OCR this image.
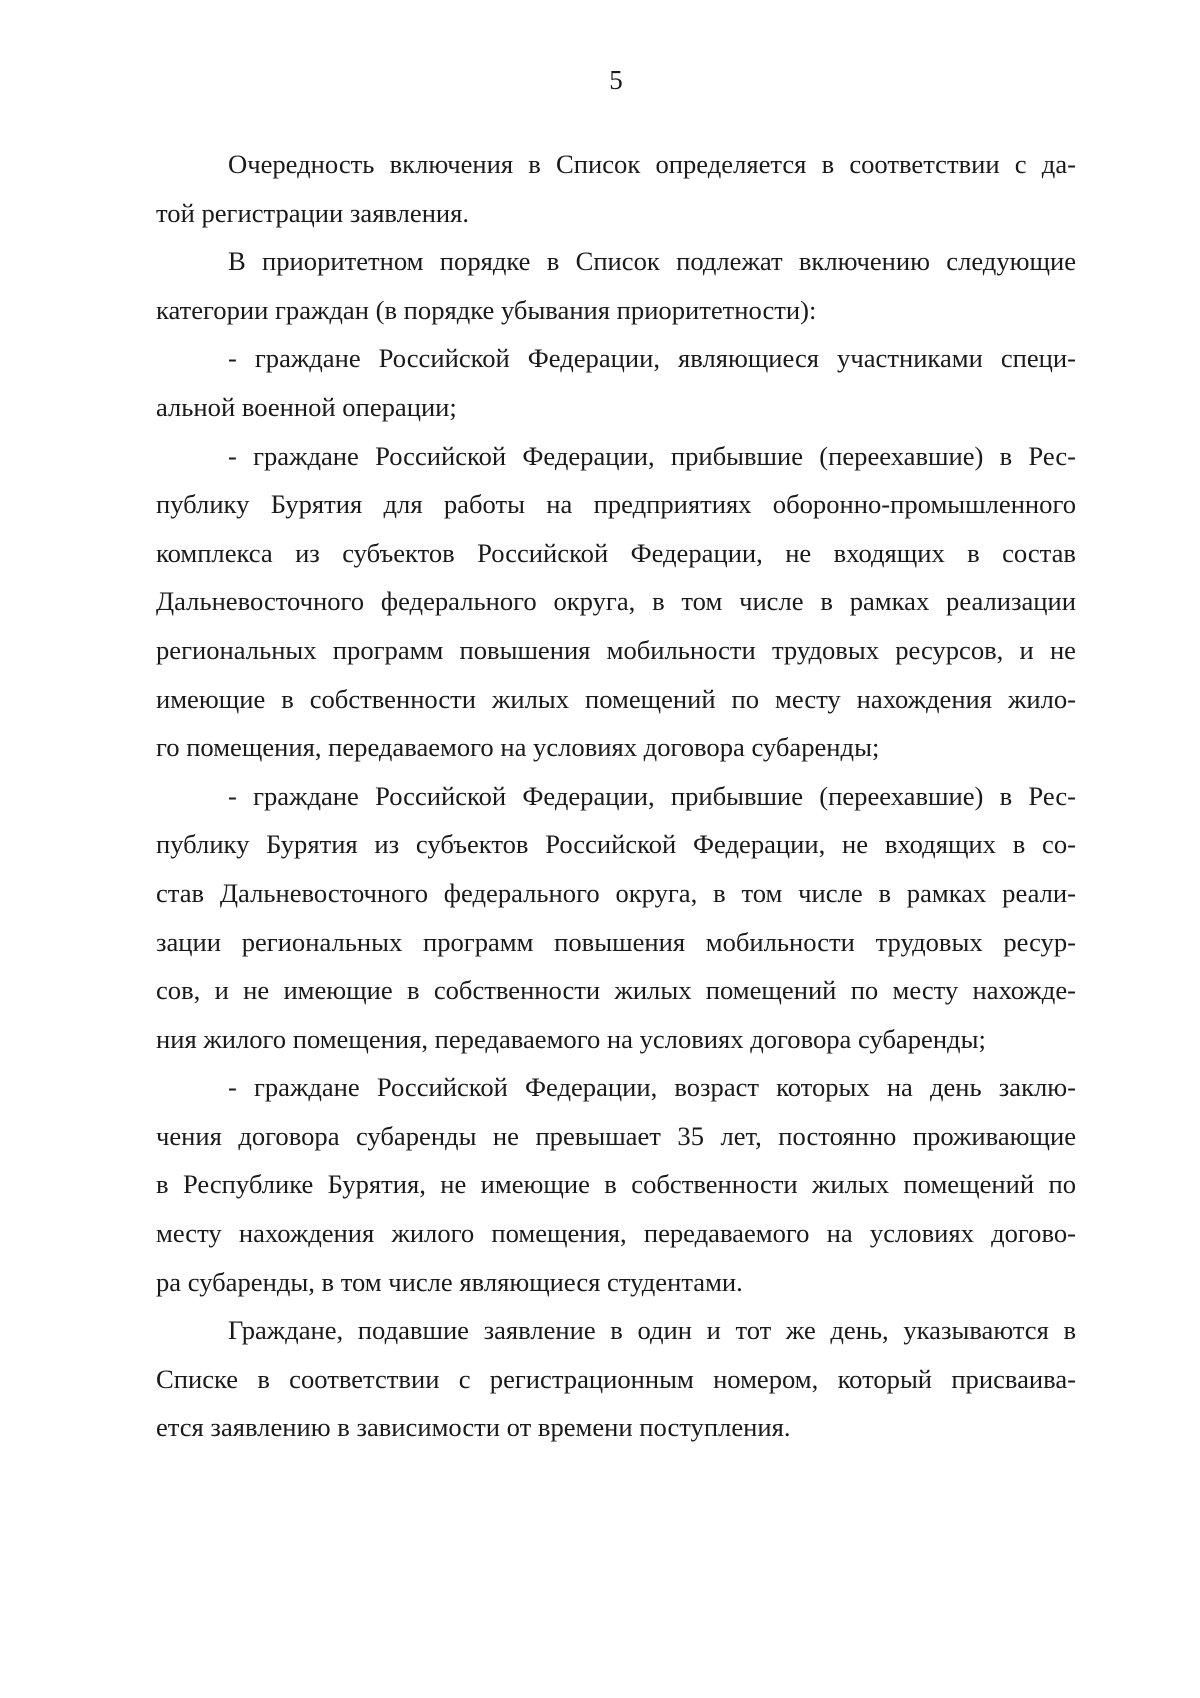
5
Очередность включения в Список определяется в соответствии с да-
той регистрации заявления.
В приоритетном порядке в Список подлежат включению следующие
категории граждан (в порядке убывания приоритетности):
- граждане Российской Федерации, являющиеся участниками специ-
альной военной операции;
- граждане Российской Федерации, прибывшие (переехавшие) в Рес-
публику Бурятия для работы на предприятиях оборонно-промышленного
комплекса из субъектов Российской Федерации, не входящих в состав
Дальневосточного федерального округа, в том числе в рамках реализации
региональных программ повышения мобильности трудовых ресурсов, и не
имеющие в собственности жилых помещений по месту нахождения жило-
го помещения, передаваемого на условиях договора субаренды;
- граждане Российской Федерации, прибывшие (переехавшие) в Рес-
публику Бурятия из субъектов Российской Федерации, не входящих в со-
став Дальневосточного федерального округа, в том числе в рамках реали-
зации региональных программ повышения мобильности трудовых ресур-
сов, и не имеющие в собственности жилых помещений по месту нахожде-
ния жилого помещения, передаваемого на условиях договора субаренды;
- граждане Российской Федерации, возраст которых на день заклю-
чения договора субаренды не превышает 35 лет, постоянно проживающие
в Республике Бурятия, не имеющие в собственности жилых помещений по
месту нахождения жилого помещения, передаваемого на условиях догово-
ра субаренды, в том числе являющиеся студентами.
Граждане, подавшие заявление в один и тот же день, указываются в
Списке в соответствии с регистрационным номером, который присваива-
ется заявлению в зависимости от времени поступления.
